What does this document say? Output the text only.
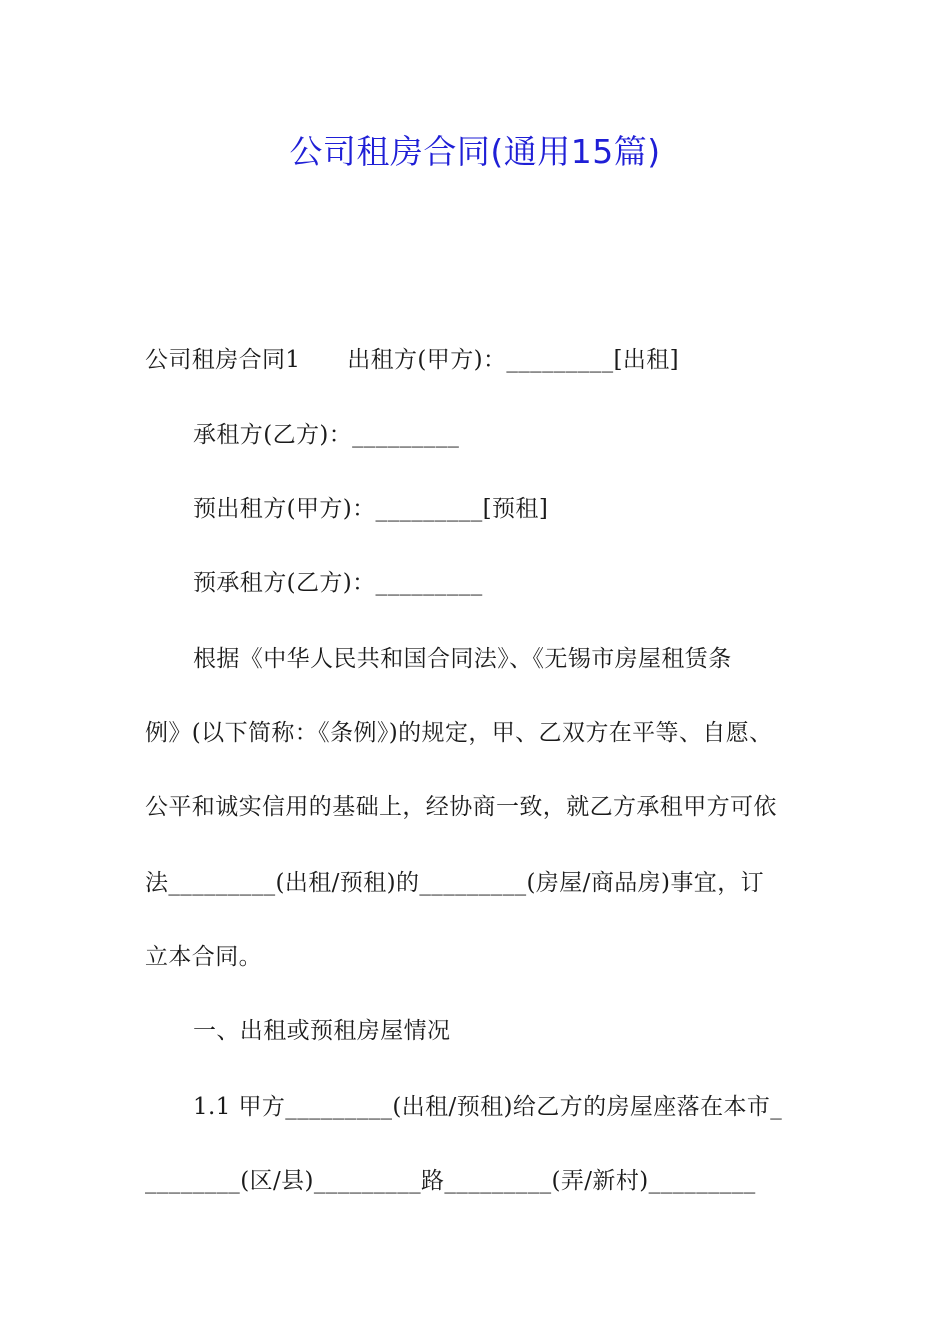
公司租房合同(通用15篇)
公司租房合同1　　出租方(甲方)：_________[出租]
承租方(乙方)：_________
预出租方(甲方)：_________[预租]
预承租方(乙方)：_________
根据《中华人民共和国合同法》、《无锡市房屋租赁条
例》(以下简称：《条例》)的规定，甲、乙双方在平等、自愿、
公平和诚实信用的基础上，经协商一致，就乙方承租甲方可依
法_________(出租/预租)的_________(房屋/商品房)事宜，订
立本合同。
一、出租或预租房屋情况
1.1 甲方_________(出租/预租)给乙方的房屋座落在本市_
________(区/县)_________路_________(弄/新村)_________
